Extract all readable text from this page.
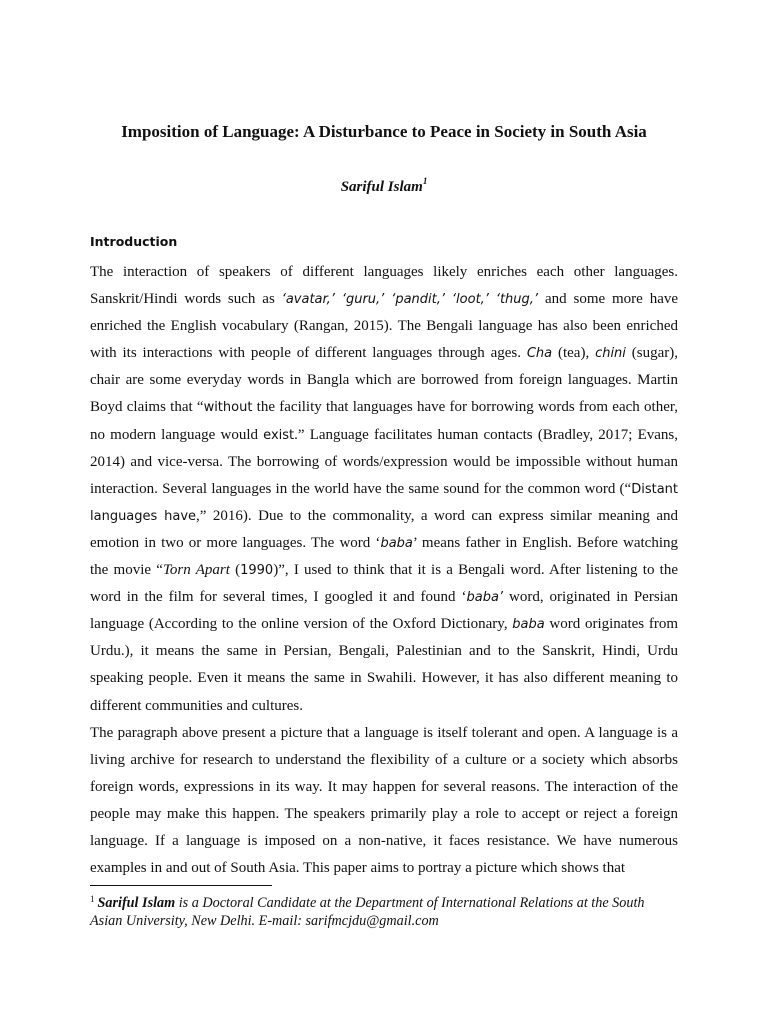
Imposition of Language: A Disturbance to Peace in Society in South Asia
Sariful Islam$^1$
Introduction

The interaction of speakers of different languages likely enriches each other languages. Sanskrit/Hindi words such as ‘avatar,’ ‘guru,’ ‘pandit,’ ‘loot,’ ‘thug,’ and some more have enriched the English vocabulary (Rangan, 2015). The Bengali language has also been enriched with its interactions with people of different languages through ages. Cha (tea), chini (sugar), chair are some everyday words in Bangla which are borrowed from foreign languages. Martin Boyd claims that “without the facility that languages have for borrowing words from each other, no modern language would exist.” Language facilitates human contacts (Bradley, 2017; Evans, 2014) and vice-versa. The borrowing of words/expression would be impossible without human interaction. Several languages in the world have the same sound for the common word (“Distant languages have,” 2016). Due to the commonality, a word can express similar meaning and emotion in two or more languages. The word ‘baba’ means father in English. Before watching the movie “Torn Apart (1990)”, I used to think that it is a Bengali word. After listening to the word in the film for several times, I googled it and found ‘baba’ word, originated in Persian language (According to the online version of the Oxford Dictionary, baba word originates from Urdu.), it means the same in Persian, Bengali, Palestinian and to the Sanskrit, Hindi, Urdu speaking people. Even it means the same in Swahili. However, it has also different meaning to different communities and cultures.

The paragraph above present a picture that a language is itself tolerant and open. A language is a living archive for research to understand the flexibility of a culture or a society which absorbs foreign words, expressions in its way. It may happen for several reasons. The interaction of the people may make this happen. The speakers primarily play a role to accept or reject a foreign language. If a language is imposed on a non-native, it faces resistance. We have numerous examples in and out of South Asia. This paper aims to portray a picture which shows that

$^1$ Sariful Islam is a Doctoral Candidate at the Department of International Relations at the South Asian University, New Delhi. E-mail: sarifmcjdu@gmail.com
